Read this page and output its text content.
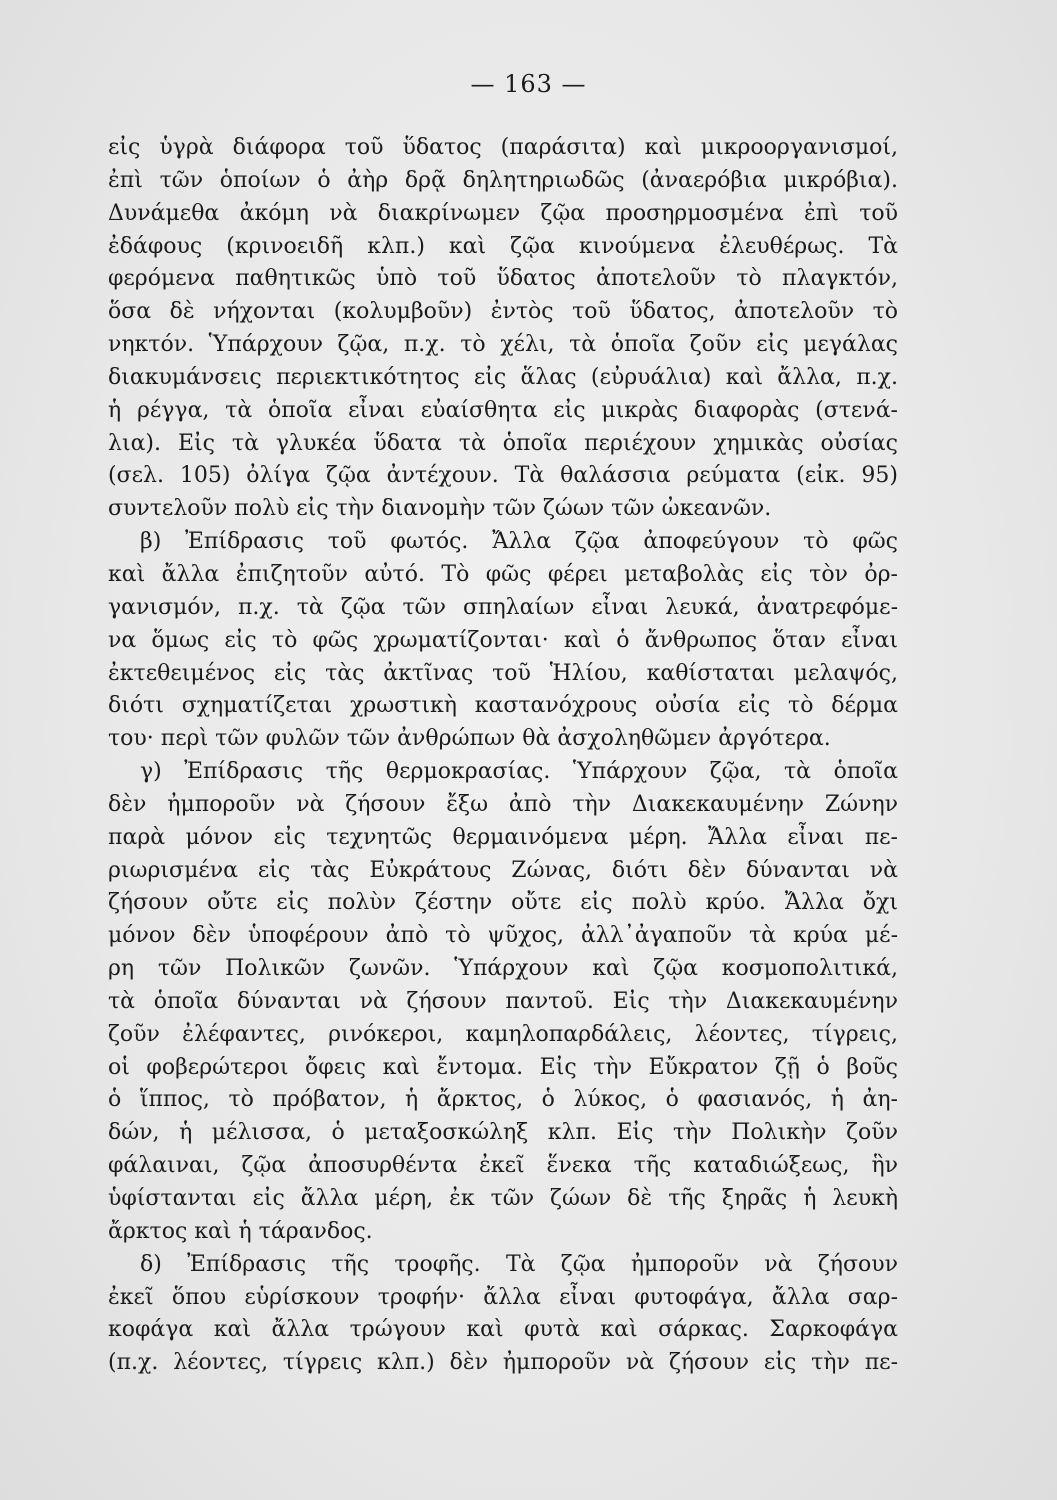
— 163 —
εἰς ὑγρὰ διάφορα τοῦ ὕδατος (παράσιτα) καὶ μικροοργανισμοί,
ἐπὶ τῶν ὁποίων ὁ ἀὴρ δρᾷ δηλητηριωδῶς (ἀναερόβια μικρόβια).
Δυνάμεθα ἀκόμη νὰ διακρίνωμεν ζῷα προσηρμοσμένα ἐπὶ τοῦ
ἐδάφους (κρινοειδῆ κλπ.) καὶ ζῷα κινούμενα ἐλευθέρως. Τὰ
φερόμενα παθητικῶς ὑπὸ τοῦ ὕδατος ἀποτελοῦν τὸ πλαγκτόν,
ὅσα δὲ νήχονται (κολυμβοῦν) ἐντὸς τοῦ ὕδατος, ἀποτελοῦν τὸ
νηκτόν. Ὑπάρχουν ζῷα, π.χ. τὸ χέλι, τὰ ὁποῖα ζοῦν εἰς μεγάλας
διακυμάνσεις περιεκτικότητος εἰς ἅλας (εὐρυάλια) καὶ ἄλλα, π.χ.
ἡ ρέγγα, τὰ ὁποῖα εἶναι εὐαίσθητα εἰς μικρὰς διαφορὰς (στενά-
λια). Εἰς τὰ γλυκέα ὕδατα τὰ ὁποῖα περιέχουν χημικὰς οὐσίας
(σελ. 105) ὀλίγα ζῷα ἀντέχουν. Τὰ θαλάσσια ρεύματα (εἰκ. 95)
συντελοῦν πολὺ εἰς τὴν διανομὴν τῶν ζώων τῶν ὠκεανῶν.
β) Ἐπίδρασις τοῦ φωτός. Ἄλλα ζῷα ἀποφεύγουν τὸ φῶς
καὶ ἄλλα ἐπιζητοῦν αὐτό. Τὸ φῶς φέρει μεταβολὰς εἰς τὸν ὀρ-
γανισμόν, π.χ. τὰ ζῷα τῶν σπηλαίων εἶναι λευκά, ἀνατρεφόμε-
να ὅμως εἰς τὸ φῶς χρωματίζονται· καὶ ὁ ἄνθρωπος ὅταν εἶναι
ἐκτεθειμένος εἰς τὰς ἀκτῖνας τοῦ Ἡλίου, καθίσταται μελαψός,
διότι σχηματίζεται χρωστικὴ καστανόχρους οὐσία εἰς τὸ δέρμα
του· περὶ τῶν φυλῶν τῶν ἀνθρώπων θὰ ἀσχοληθῶμεν ἀργότερα.
γ) Ἐπίδρασις τῆς θερμοκρασίας. Ὑπάρχουν ζῷα, τὰ ὁποῖα
δὲν ἠμποροῦν νὰ ζήσουν ἔξω ἀπὸ τὴν Διακεκαυμένην Ζώνην
παρὰ μόνον εἰς τεχνητῶς θερμαινόμενα μέρη. Ἄλλα εἶναι πε-
ριωρισμένα εἰς τὰς Εὐκράτους Ζώνας, διότι δὲν δύνανται νὰ
ζήσουν οὔτε εἰς πολὺν ζέστην οὔτε εἰς πολὺ κρύο. Ἄλλα ὄχι
μόνον δὲν ὑποφέρουν ἀπὸ τὸ ψῦχος, ἀλλ᾽ἀγαποῦν τὰ κρύα μέ-
ρη τῶν Πολικῶν ζωνῶν. Ὑπάρχουν καὶ ζῷα κοσμοπολιτικά,
τὰ ὁποῖα δύνανται νὰ ζήσουν παντοῦ. Εἰς τὴν Διακεκαυμένην
ζοῦν ἐλέφαντες, ρινόκεροι, καμηλοπαρδάλεις, λέοντες, τίγρεις,
οἱ φοβερώτεροι ὄφεις καὶ ἔντομα. Εἰς τὴν Εὔκρατον ζῇ ὁ βοῦς
ὁ ἵππος, τὸ πρόβατον, ἡ ἄρκτος, ὁ λύκος, ὁ φασιανός, ἡ ἀη-
δών, ἡ μέλισσα, ὁ μεταξοσκώληξ κλπ. Εἰς τὴν Πολικὴν ζοῦν
φάλαιναι, ζῷα ἀποσυρθέντα ἐκεῖ ἕνεκα τῆς καταδιώξεως, ἣν
ὑφίστανται εἰς ἄλλα μέρη, ἐκ τῶν ζώων δὲ τῆς ξηρᾶς ἡ λευκὴ
ἄρκτος καὶ ἡ τάρανδος.
δ) Ἐπίδρασις τῆς τροφῆς. Τὰ ζῷα ἠμποροῦν νὰ ζήσουν
ἐκεῖ ὅπου εὑρίσκουν τροφήν· ἄλλα εἶναι φυτοφάγα, ἄλλα σαρ-
κοφάγα καὶ ἄλλα τρώγουν καὶ φυτὰ καὶ σάρκας. Σαρκοφάγα
(π.χ. λέοντες, τίγρεις κλπ.) δὲν ἠμποροῦν νὰ ζήσουν εἰς τὴν πε-
